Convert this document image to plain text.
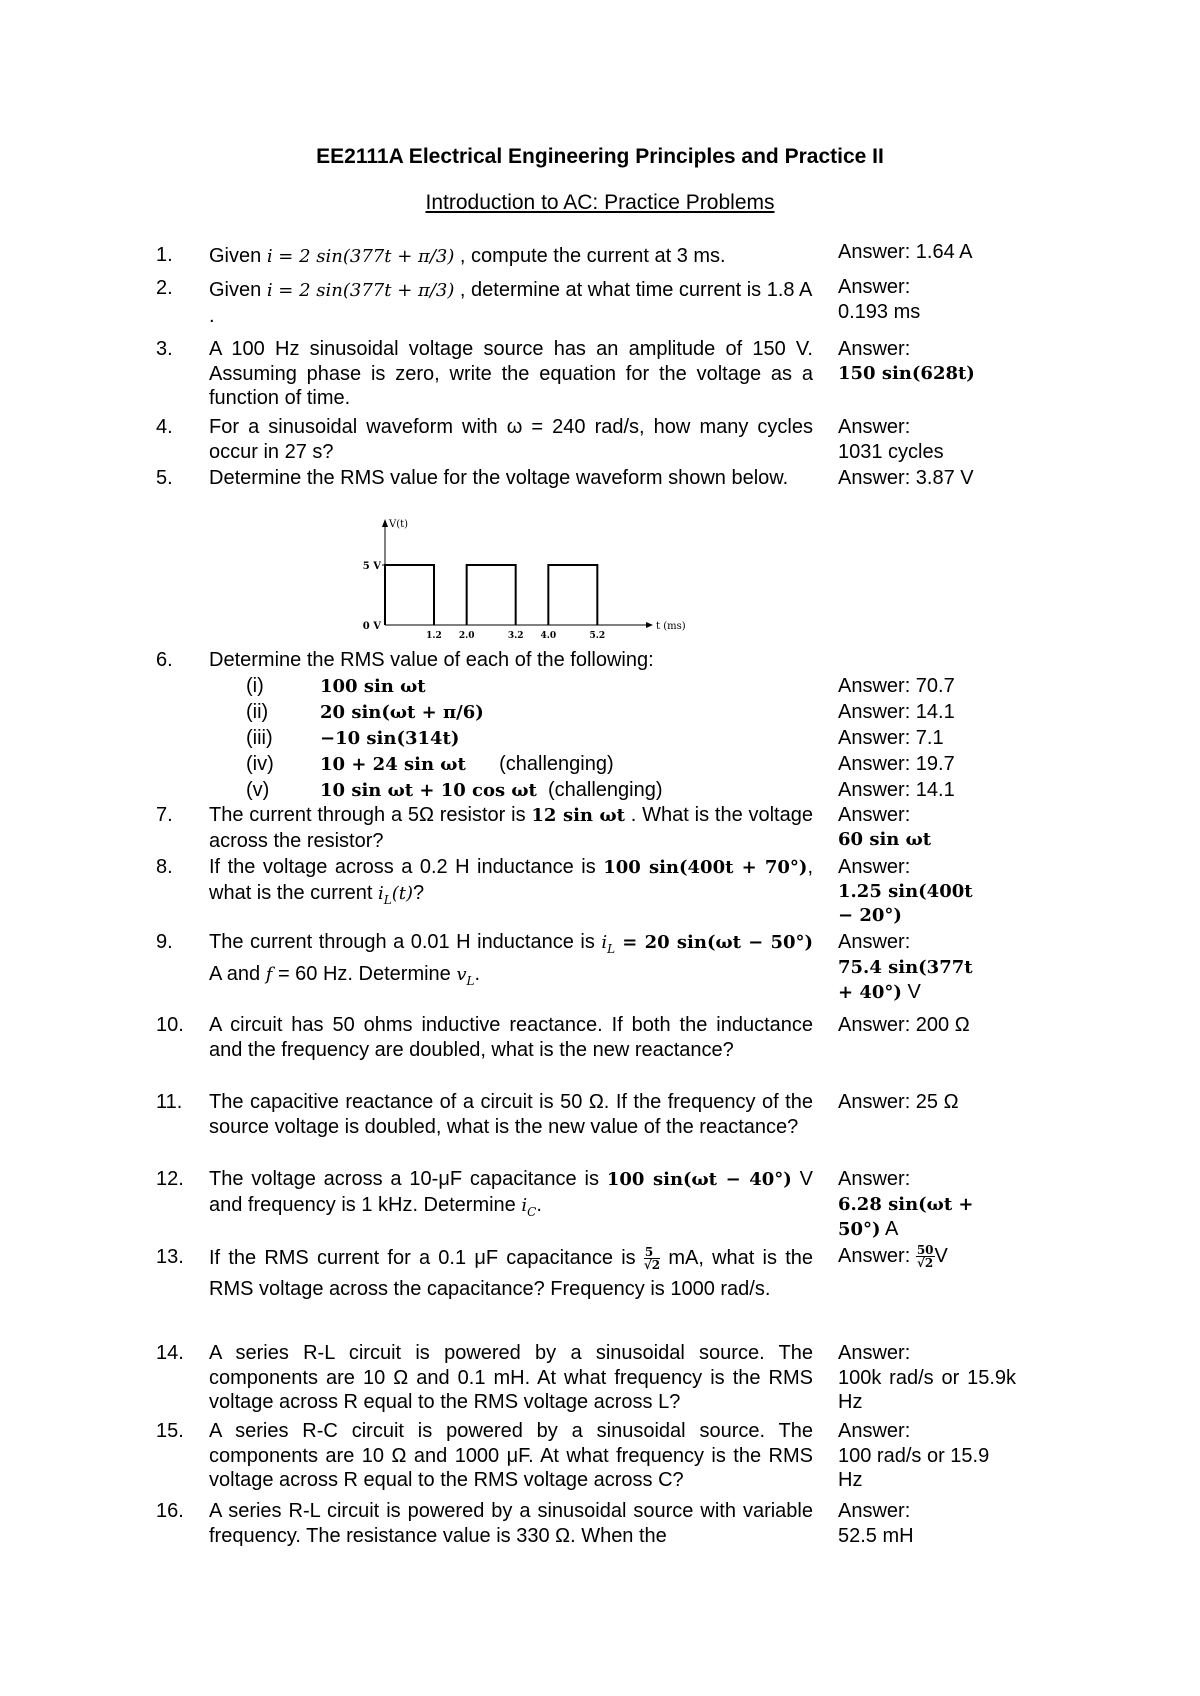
EE2111A Electrical Engineering Principles and Practice II
Introduction to AC: Practice Problems
1. Given i = 2 sin(377t + π/3) , compute the current at 3 ms.	Answer: 1.64 A
2. Given i = 2 sin(377t + π/3) , determine at what time current is 1.8 A .
Answer:
0.193 ms
3. A 100 Hz sinusoidal voltage source has an amplitude of 150 V. Assuming phase is zero, write the equation for the voltage as a function of time.
Answer:
150 sin(628t)
4. For a sinusoidal waveform with ω = 240 rad/s, how many cycles occur in 27 s?
Answer:
1031 cycles
5. Determine the RMS value for the voltage waveform shown below.	Answer: 3.87 V
V(t)
t (ms)
5 V
0 V
1.2 2.0	3.2 4.0	5.2
6. Determine the RMS value of each of the following:
(i)	100 sin ωt	Answer: 70.7
(ii)	20 sin(ωt + π/6)	Answer: 14.1
(iii)	−10 sin(314t)	Answer: 7.1
(iv)	10 + 24 sin ωt (challenging)	Answer: 19.7
(v)	10 sin ωt + 10 cos ωt (challenging)	Answer: 14.1
7. The current through a 5Ω resistor is 12 sin ωt . What is the voltage across the resistor?
Answer:
60 sin ωt
8. If the voltage across a 0.2 H inductance is 100 sin(400t + 70°), what is the current $i_L(t)$?
Answer:
1.25 sin(400t − 20°)
9. The current through a 0.01 H inductance is $i_L = 20$ sin(ωt − 50°) A and f = 60 Hz. Determine $v_L$.
Answer:
75.4 sin(377t + 40°) V
10. A circuit has 50 ohms inductive reactance. If both the inductance and the frequency are doubled, what is the new reactance?
Answer: 200 Ω
11. The capacitive reactance of a circuit is 50 Ω. If the frequency of the source voltage is doubled, what is the new value of the reactance?
Answer: 25 Ω
12. The voltage across a 10-μF capacitance is 100 sin(ωt − 40°) V and frequency is 1 kHz. Determine $i_C$.
Answer:
6.28 sin(ωt + 50°) A
13. If the RMS current for a 0.1 μF capacitance is $\frac{5}{√2}$ mA, what is the RMS voltage across the capacitance? Frequency is 1000 rad/s.
Answer: $\frac{50}{√2}$ V
14. A series R-L circuit is powered by a sinusoidal source. The components are 10 Ω and 0.1 mH. At what frequency is the RMS voltage across R equal to the RMS voltage across L?
Answer:
100k rad/s or 15.9k Hz
15. A series R-C circuit is powered by a sinusoidal source. The components are 10 Ω and 1000 μF. At what frequency is the RMS voltage across R equal to the RMS voltage across C?
Answer:
100 rad/s or 15.9 Hz
16. A series R-L circuit is powered by a sinusoidal source with variable frequency. The resistance value is 330 Ω. When the
Answer:
52.5 mH
